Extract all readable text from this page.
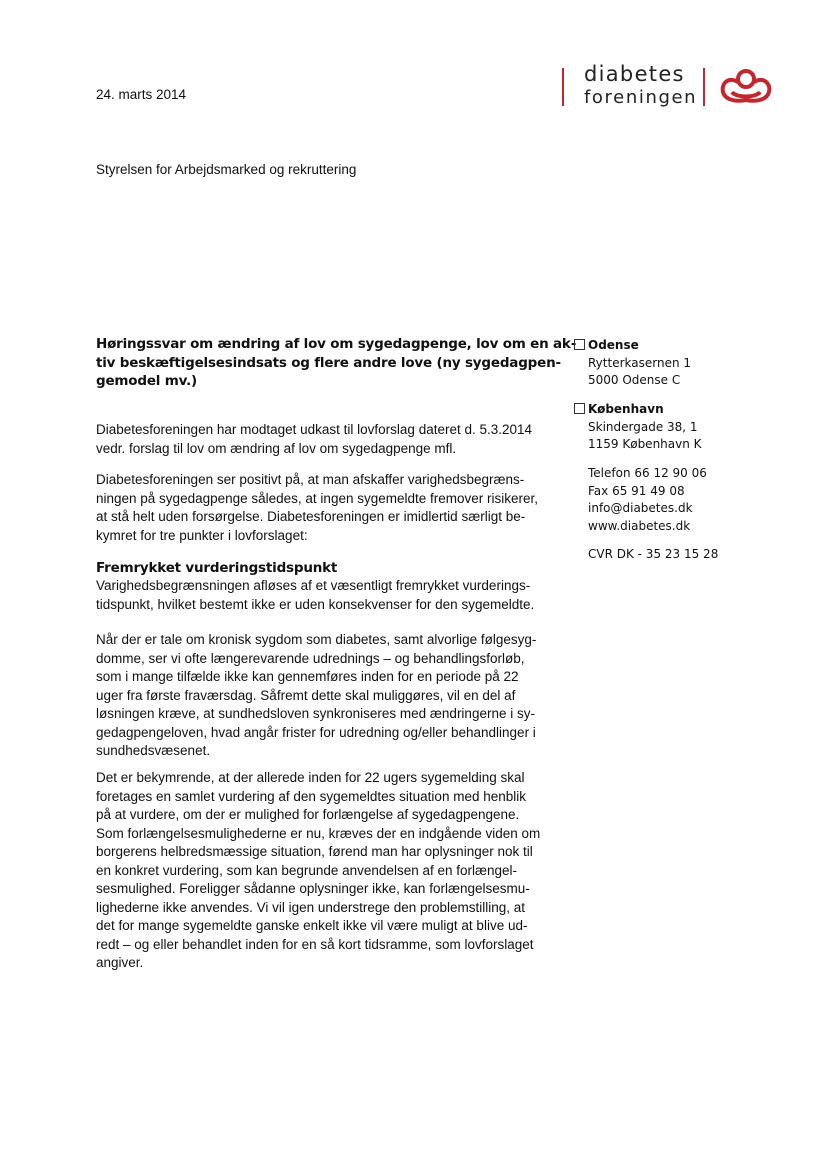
24. marts 2014
diabetes
foreningen
Styrelsen for Arbejdsmarked og rekruttering
Høringssvar om ændring af lov om sygedagpenge, lov om en ak-
tiv beskæftigelsesindsats og flere andre love (ny sygedagpen-
gemodel mv.)
Odense
Rytterkasernen 1
5000 Odense C
København
Skindergade 38, 1
1159 København K
Telefon 66 12 90 06
Fax 65 91 49 08
info@diabetes.dk
www.diabetes.dk
CVR DK - 35 23 15 28
Diabetesforeningen har modtaget udkast til lovforslag dateret d. 5.3.2014
vedr. forslag til lov om ændring af lov om sygedagpenge mfl.
Diabetesforeningen ser positivt på, at man afskaffer varighedsbegræns-
ningen på sygedagpenge således, at ingen sygemeldte fremover risikerer,
at stå helt uden forsørgelse. Diabetesforeningen er imidlertid særligt be-
kymret for tre punkter i lovforslaget:
Fremrykket vurderingstidspunkt
Varighedsbegrænsningen afløses af et væsentligt fremrykket vurderings-
tidspunkt, hvilket bestemt ikke er uden konsekvenser for den sygemeldte.
Når der er tale om kronisk sygdom som diabetes, samt alvorlige følgesyg-
domme, ser vi ofte længerevarende udrednings – og behandlingsforløb,
som i mange tilfælde ikke kan gennemføres inden for en periode på 22
uger fra første fraværsdag. Såfremt dette skal muliggøres, vil en del af
løsningen kræve, at sundhedsloven synkroniseres med ændringerne i sy-
gedagpengeloven, hvad angår frister for udredning og/eller behandlinger i
sundhedsvæsenet.
Det er bekymrende, at der allerede inden for 22 ugers sygemelding skal
foretages en samlet vurdering af den sygemeldtes situation med henblik
på at vurdere, om der er mulighed for forlængelse af sygedagpengene.
Som forlængelsesmulighederne er nu, kræves der en indgående viden om
borgerens helbredsmæssige situation, førend man har oplysninger nok til
en konkret vurdering, som kan begrunde anvendelsen af en forlængel-
sesmulighed. Foreligger sådanne oplysninger ikke, kan forlængelsesmu-
lighederne ikke anvendes. Vi vil igen understrege den problemstilling, at
det for mange sygemeldte ganske enkelt ikke vil være muligt at blive ud-
redt – og eller behandlet inden for en så kort tidsramme, som lovforslaget
angiver.
